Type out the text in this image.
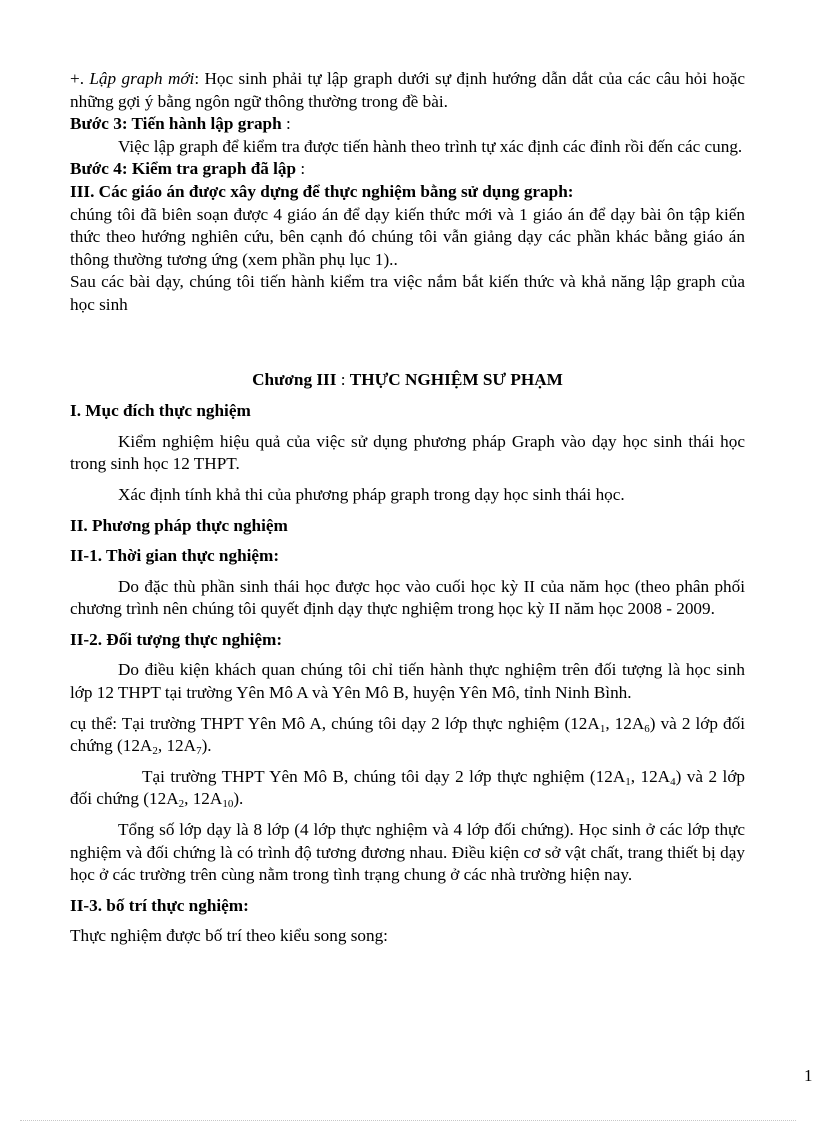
+. Lập graph mới: Học sinh phải tự lập graph dưới sự định hướng dẫn dắt của các câu hỏi hoặc những gợi ý bằng ngôn ngữ thông thường trong đề bài.

Bước 3: Tiến hành lập graph :

Việc lập graph để kiểm tra được tiến hành theo trình tự xác định các đỉnh rồi đến các cung.

Bước 4: Kiểm tra graph đã lập :

III. Các giáo án được xây dựng để thực nghiệm bằng sử dụng graph:

chúng tôi đã biên soạn được 4 giáo án để dạy kiến thức mới và 1 giáo án để dạy bài ôn tập kiến thức theo hướng nghiên cứu, bên cạnh đó chúng tôi vẫn giảng dạy các phần khác bằng giáo án thông thường tương ứng (xem phần phụ lục 1)..

Sau các bài dạy, chúng tôi tiến hành kiểm tra việc nắm bắt kiến thức và khả năng lập graph của học sinh

Chương III : THỰC NGHIỆM SƯ PHẠM

I. Mục đích thực nghiệm

Kiểm nghiệm hiệu quả của việc sử dụng phương pháp Graph vào dạy học sinh thái học trong sinh học 12 THPT.

Xác định tính khả thi của phương pháp graph trong dạy học sinh thái học.

II. Phương pháp thực nghiệm

II-1. Thời gian thực nghiệm:

Do đặc thù phần sinh thái học được học vào cuối học kỳ II của năm học (theo phân phối chương trình nên chúng tôi quyết định dạy thực nghiệm trong học kỳ II năm học 2008 - 2009.

II-2. Đối tượng thực nghiệm:

Do điều kiện khách quan chúng tôi chỉ tiến hành thực nghiệm trên đối tượng là học sinh lớp 12 THPT tại trường Yên Mô A và Yên Mô B, huyện Yên Mô, tỉnh Ninh Bình.

cụ thể: Tại trường THPT Yên Mô A, chúng tôi dạy 2 lớp thực nghiệm ($12A_1$, $12A_6$) và 2 lớp đối chứng ($12A_2$, $12A_7$).

Tại trường THPT Yên Mô B, chúng tôi dạy 2 lớp thực nghiệm ($12A_1$, $12A_4$) và 2 lớp đối chứng ($12A_2$, $12A_{10}$).

Tổng số lớp dạy là 8 lớp (4 lớp thực nghiệm và 4 lớp đối chứng). Học sinh ở các lớp thực nghiệm và đối chứng là có trình độ tương đương nhau. Điều kiện cơ sở vật chất, trang thiết bị dạy học ở các trường trên cùng nằm trong tình trạng chung ở các nhà trường hiện nay.

II-3. bố trí thực nghiệm:

Thực nghiệm được bố trí theo kiểu song song:

1
